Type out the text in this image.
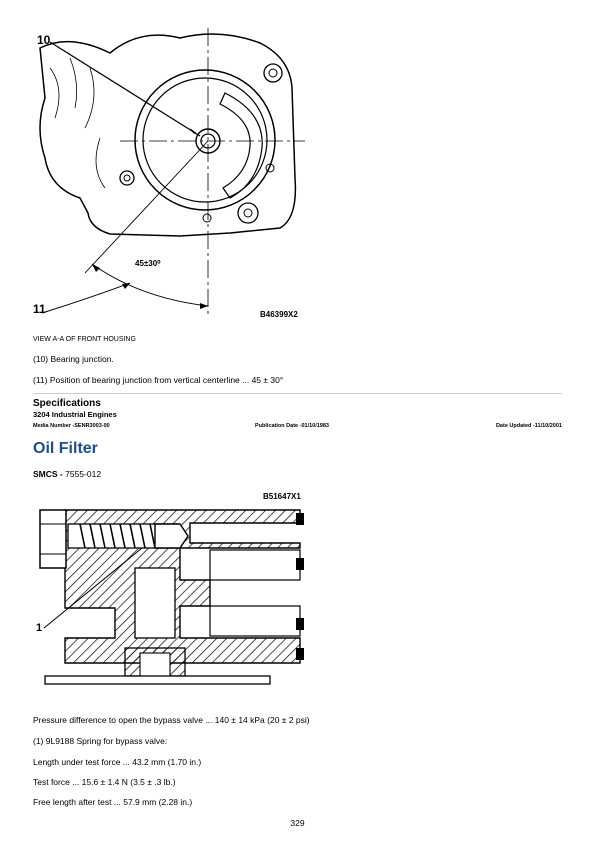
10
11
45±30⁰
B46399X2
VIEW A-A OF FRONT HOUSING
(10) Bearing junction.
(11) Position of bearing junction from vertical centerline ... 45 ± 30°
Specifications
3204 Industrial Engines
Media Number -SENR3003-00	Publication Date -01/10/1983	Date Updated -11/10/2001
Oil Filter
SMCS - 7555-012
B51647X1
1
Pressure difference to open the bypass valve ... 140 ± 14 kPa (20 ± 2 psi)
(1) 9L9188 Spring for bypass valve:
Length under test force ... 43.2 mm (1.70 in.)
Test force ... 15.6 ± 1.4 N (3.5 ± .3 lb.)
Free length after test ... 57.9 mm (2.28 in.)
329
